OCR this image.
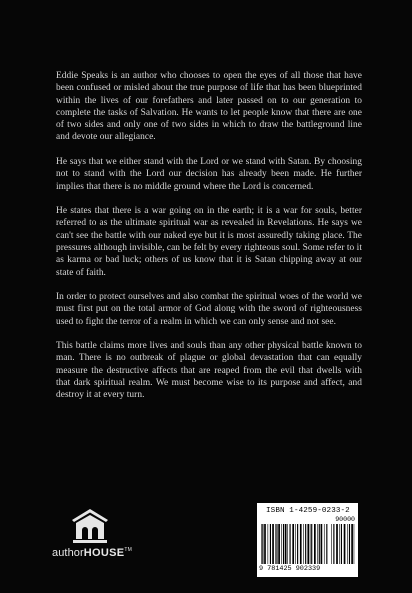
Eddie Speaks is an author who chooses to open the eyes of all those that have been confused or misled about the true purpose of life that has been blueprinted within the lives of our forefathers and later passed on to our generation to complete the tasks of Salvation. He wants to let people know that there are one of two sides and only one of two sides in which to draw the battleground line and devote our allegiance.

He says that we either stand with the Lord or we stand with Satan. By choosing not to stand with the Lord our decision has already been made. He further implies that there is no middle ground where the Lord is concerned.

He states that there is a war going on in the earth; it is a war for souls, better referred to as the ultimate spiritual war as revealed in Revelations. He says we can't see the battle with our naked eye but it is most assuredly taking place. The pressures although invisible, can be felt by every righteous soul. Some refer to it as karma or bad luck; others of us know that it is Satan chipping away at our state of faith.

In order to protect ourselves and also combat the spiritual woes of the world we must first put on the total armor of God along with the sword of righteousness used to fight the terror of a realm in which we can only sense and not see.

This battle claims more lives and souls than any other physical battle known to man. There is no outbreak of plague or global devastation that can equally measure the destructive affects that are reaped from the evil that dwells with that dark spiritual realm. We must become wise to its purpose and affect, and destroy it at every turn.

authorHOUSE™
ISBN 1-4259-0233-2
90000
9 781425 902339
